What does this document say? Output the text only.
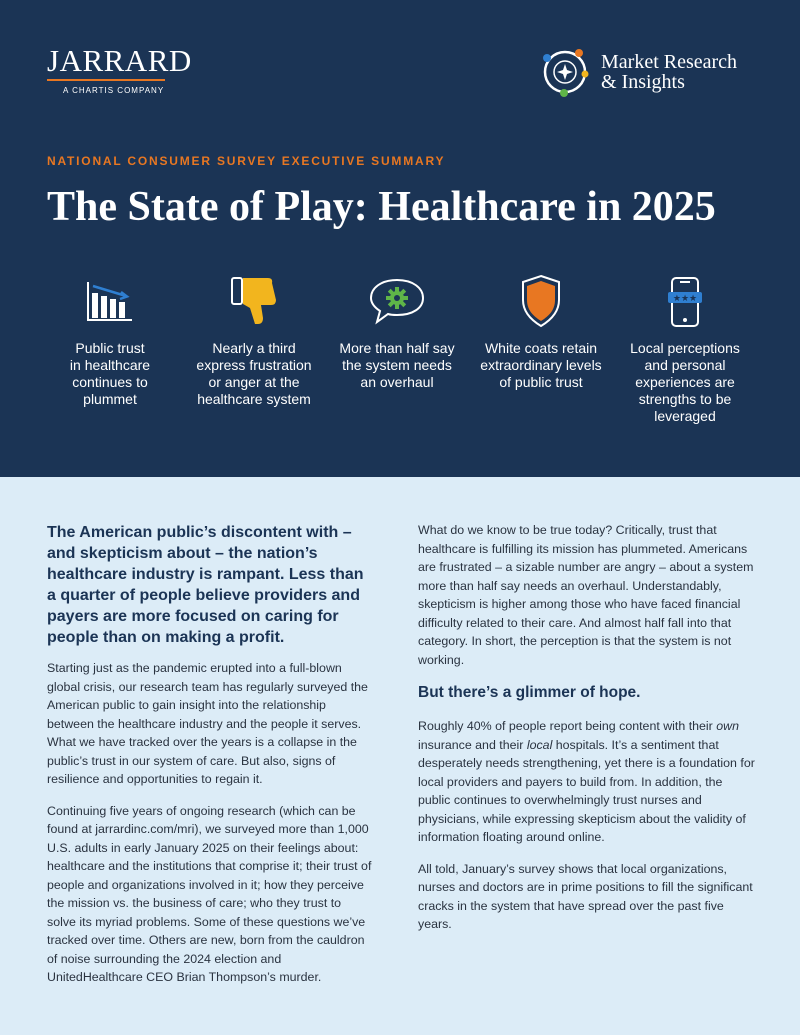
JARRARD
A CHARTIS COMPANY
Market Research
& Insights
NATIONAL CONSUMER SURVEY EXECUTIVE SUMMARY
The State of Play: Healthcare in 2025
Public trust
in healthcare
continues to
plummet
Nearly a third
express frustration
or anger at the
healthcare system
More than half say
the system needs
an overhaul
White coats retain
extraordinary levels
of public trust
★★★
Local perceptions
and personal
experiences are
strengths to be
leveraged

The American public’s discontent with – and skepticism about – the nation’s healthcare industry is rampant. Less than a quarter of people believe providers and payers are more focused on caring for people than on making a profit.

Starting just as the pandemic erupted into a full-blown global crisis, our research team has regularly surveyed the American public to gain insight into the relationship between the healthcare industry and the people it serves. What we have tracked over the years is a collapse in the public’s trust in our system of care. But also, signs of resilience and opportunities to regain it.

Continuing five years of ongoing research (which can be found at jarrardinc.com/mri), we surveyed more than 1,000 U.S. adults in early January 2025 on their feelings about: healthcare and the institutions that comprise it; their trust of people and organizations involved in it; how they perceive the mission vs. the business of care; who they trust to solve its myriad problems. Some of these questions we’ve tracked over time. Others are new, born from the cauldron of noise surrounding the 2024 election and UnitedHealthcare CEO Brian Thompson’s murder.

What do we know to be true today? Critically, trust that healthcare is fulfilling its mission has plummeted. Americans are frustrated – a sizable number are angry – about a system more than half say needs an overhaul. Understandably, skepticism is higher among those who have faced financial difficulty related to their care. And almost half fall into that category. In short, the perception is that the system is not working.

But there’s a glimmer of hope.

Roughly 40% of people report being content with their own insurance and their local hospitals. It’s a sentiment that desperately needs strengthening, yet there is a foundation for local providers and payers to build from. In addition, the public continues to overwhelmingly trust nurses and physicians, while expressing skepticism about the validity of information floating around online.

All told, January’s survey shows that local organizations, nurses and doctors are in prime positions to fill the significant cracks in the system that have spread over the past five years.
